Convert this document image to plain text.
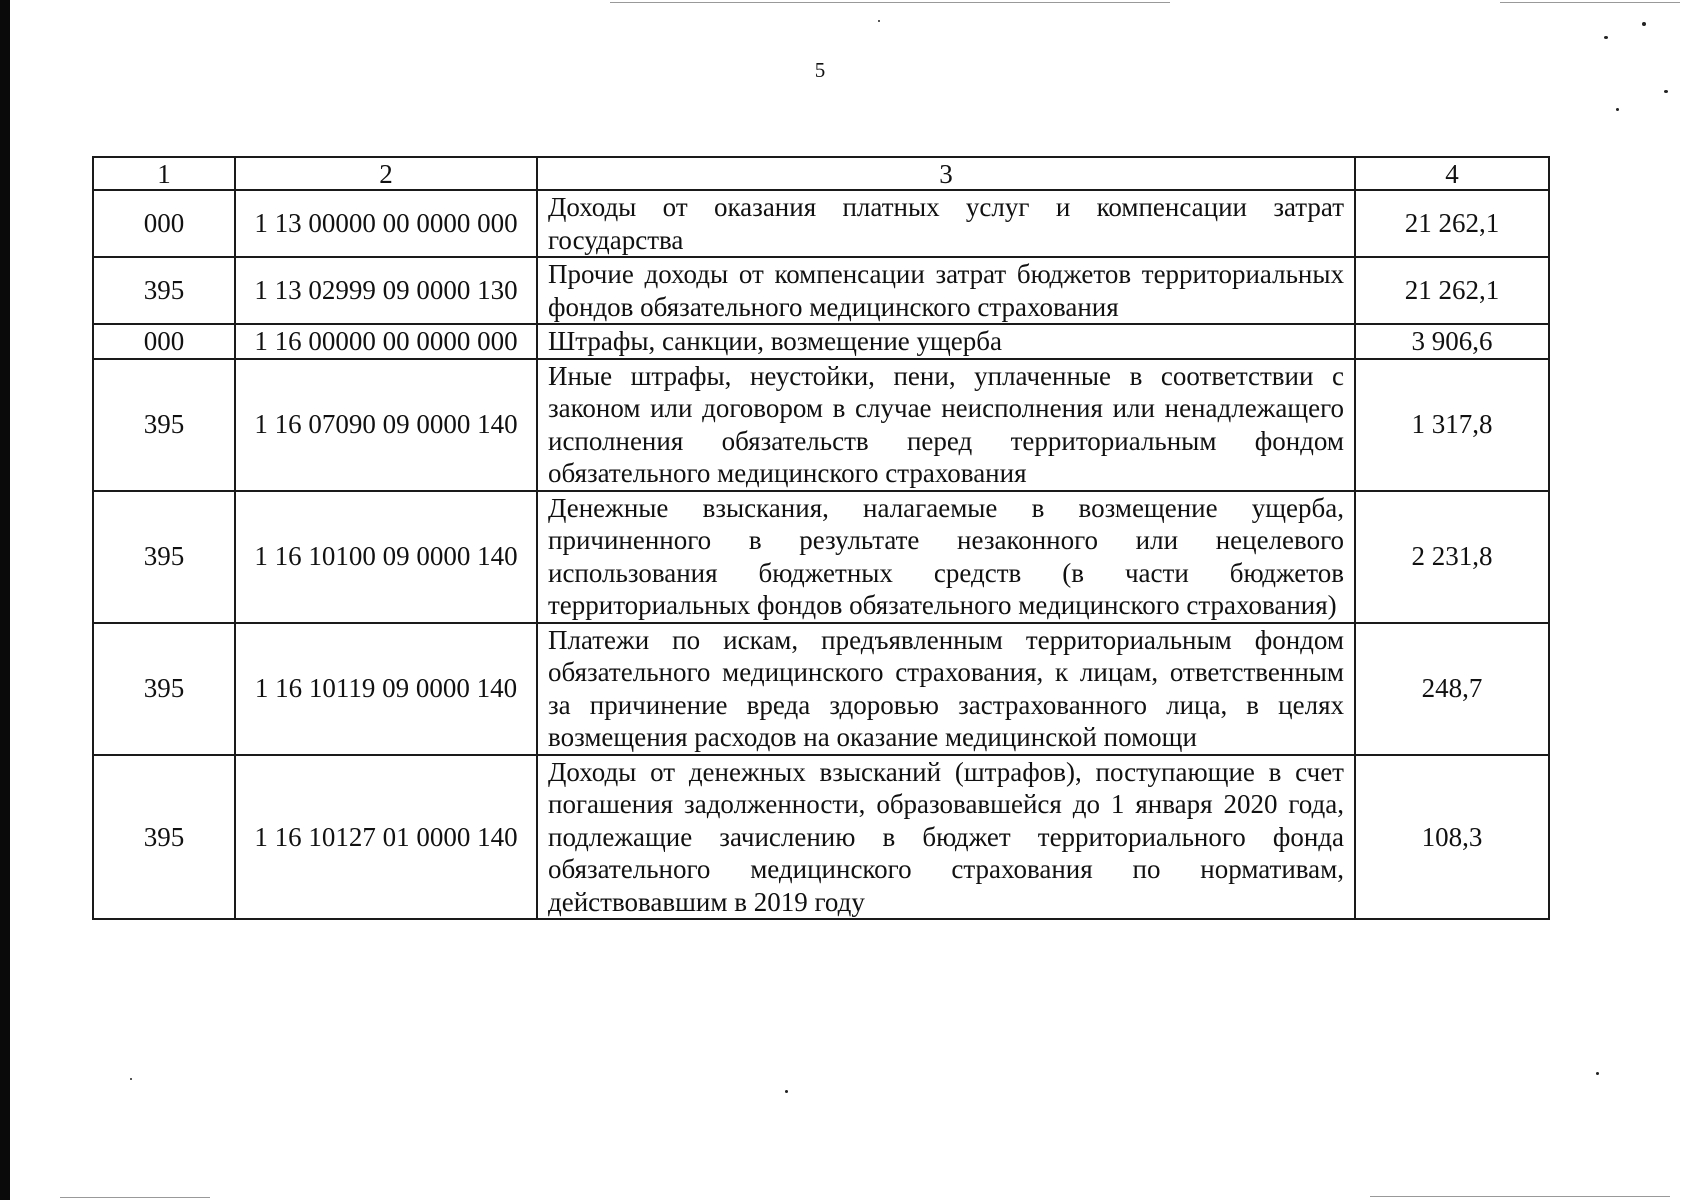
5
1	2	3	4
000	1 13 00000 00 0000 000	Доходы от оказания платных услуг и компенсации затрат государства	21 262,1
395	1 13 02999 09 0000 130	Прочие доходы от компенсации затрат бюджетов территориальных фондов обязательного медицинского страхования	21 262,1
000	1 16 00000 00 0000 000	Штрафы, санкции, возмещение ущерба	3 906,6
395	1 16 07090 09 0000 140	Иные штрафы, неустойки, пени, уплаченные в соответствии с законом или договором в случае неисполнения или ненадлежащего исполнения обязательств перед территориальным фондом обязательного медицинского страхования	1 317,8
395	1 16 10100 09 0000 140	Денежные взыскания, налагаемые в возмещение ущерба, причиненного в результате незаконного или нецелевого использования бюджетных средств (в части бюджетов территориальных фондов обязательного медицинского страхования)	2 231,8
395	1 16 10119 09 0000 140	Платежи по искам, предъявленным территориальным фондом обязательного медицинского страхования, к лицам, ответственным за причинение вреда здоровью застрахованного лица, в целях возмещения расходов на оказание медицинской помощи	248,7
395	1 16 10127 01 0000 140	Доходы от денежных взысканий (штрафов), поступающие в счет погашения задолженности, образовавшейся до 1 января 2020 года, подлежащие зачислению в бюджет территориального фонда обязательного медицинского страхования по нормативам, действовавшим в 2019 году	108,3
